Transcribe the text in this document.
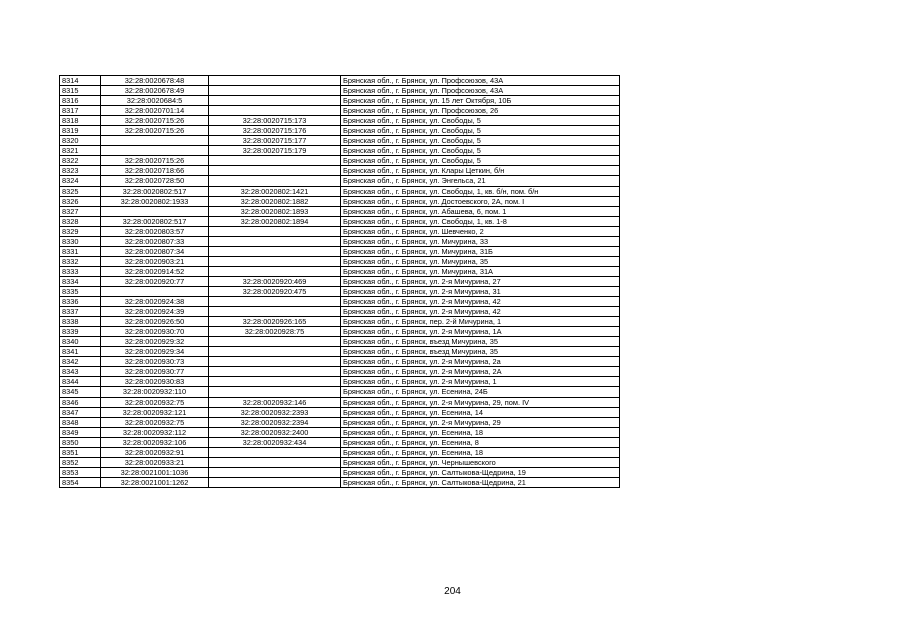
8314	32:28:0020678:48		Брянская обл., г. Брянск, ул. Профсоюзов, 43А
8315	32:28:0020678:49		Брянская обл., г. Брянск, ул. Профсоюзов, 43А
8316	32:28:0020684:5		Брянская обл., г. Брянск, ул. 15 лет Октября, 10Б
8317	32:28:0020701:14		Брянская обл., г. Брянск, ул. Профсоюзов, 26
8318	32:28:0020715:26	32:28:0020715:173	Брянская обл., г. Брянск, ул. Свободы, 5
8319	32:28:0020715:26	32:28:0020715:176	Брянская обл., г. Брянск, ул. Свободы, 5
8320		32:28:0020715:177	Брянская обл., г. Брянск, ул. Свободы, 5
8321		32:28:0020715:179	Брянская обл., г. Брянск, ул. Свободы, 5
8322	32:28:0020715:26		Брянская обл., г. Брянск, ул. Свободы, 5
8323	32:28:0020718:66		Брянская обл., г. Брянск, ул. Клары Цеткин, б/н
8324	32:28:0020728:50		Брянская обл., г. Брянск, ул. Энгельса, 21
8325	32:28:0020802:517	32:28:0020802:1421	Брянская обл., г. Брянск, ул. Свободы, 1, кв. б/н, пом. б/н
8326	32:28:0020802:1933	32:28:0020802:1882	Брянская обл., г. Брянск, ул. Достоевского, 2А, пом. I
8327		32:28:0020802:1893	Брянская обл., г. Брянск, ул. Абашева, 6, пом. 1
8328	32:28:0020802:517	32:28:0020802:1894	Брянская обл., г. Брянск, ул. Свободы, 1, кв. 1-8
8329	32:28:0020803:57		Брянская обл., г. Брянск, ул. Шевченко, 2
8330	32:28:0020807:33		Брянская обл., г. Брянск, ул. Мичурина, 33
8331	32:28:0020807:34		Брянская обл., г. Брянск, ул. Мичурина, 31Б
8332	32:28:0020903:21		Брянская обл., г. Брянск, ул. Мичурина, 35
8333	32:28:0020914:52		Брянская обл., г. Брянск, ул. Мичурина, 31А
8334	32:28:0020920:77	32:28:0020920:469	Брянская обл., г. Брянск, ул. 2-я Мичурина, 27
8335		32:28:0020920:475	Брянская обл., г. Брянск, ул. 2-я Мичурина, 31
8336	32:28:0020924:38		Брянская обл., г. Брянск, ул. 2-я Мичурина, 42
8337	32:28:0020924:39		Брянская обл., г. Брянск, ул. 2-я Мичурина, 42
8338	32:28:0020926:50	32:28:0020926:165	Брянская обл., г. Брянск, пер. 2-й Мичурина, 1
8339	32:28:0020930:70	32:28:0020928:75	Брянская обл., г. Брянск, ул. 2-я Мичурина, 1А
8340	32:28:0020929:32		Брянская обл., г. Брянск, въезд Мичурина, 35
8341	32:28:0020929:34		Брянская обл., г. Брянск, въезд Мичурина, 35
8342	32:28:0020930:73		Брянская обл., г. Брянск, ул. 2-я Мичурина, 2а
8343	32:28:0020930:77		Брянская обл., г. Брянск, ул. 2-я Мичурина, 2А
8344	32:28:0020930:83		Брянская обл., г. Брянск, ул. 2-я Мичурина, 1
8345	32:28:0020932:110		Брянская обл., г. Брянск, ул. Есенина, 24Б
8346	32:28:0020932:75	32:28:0020932:146	Брянская обл., г. Брянск, ул. 2-я Мичурина, 29, пом. IV
8347	32:28:0020932:121	32:28:0020932:2393	Брянская обл., г. Брянск, ул. Есенина, 14
8348	32:28:0020932:75	32:28:0020932:2394	Брянская обл., г. Брянск, ул. 2-я Мичурина, 29
8349	32:28:0020932:112	32:28:0020932:2400	Брянская обл., г. Брянск, ул. Есенина, 18
8350	32:28:0020932:106	32:28:0020932:434	Брянская обл., г. Брянск, ул. Есенина, 8
8351	32:28:0020932:91		Брянская обл., г. Брянск, ул. Есенина, 18
8352	32:28:0020933:21		Брянская обл., г. Брянск, ул. Чернышевского
8353	32:28:0021001:1036		Брянская обл., г. Брянск, ул. Салтыкова-Щедрина, 19
8354	32:28:0021001:1262		Брянская обл., г. Брянск, ул. Салтыкова-Щедрина, 21
204
